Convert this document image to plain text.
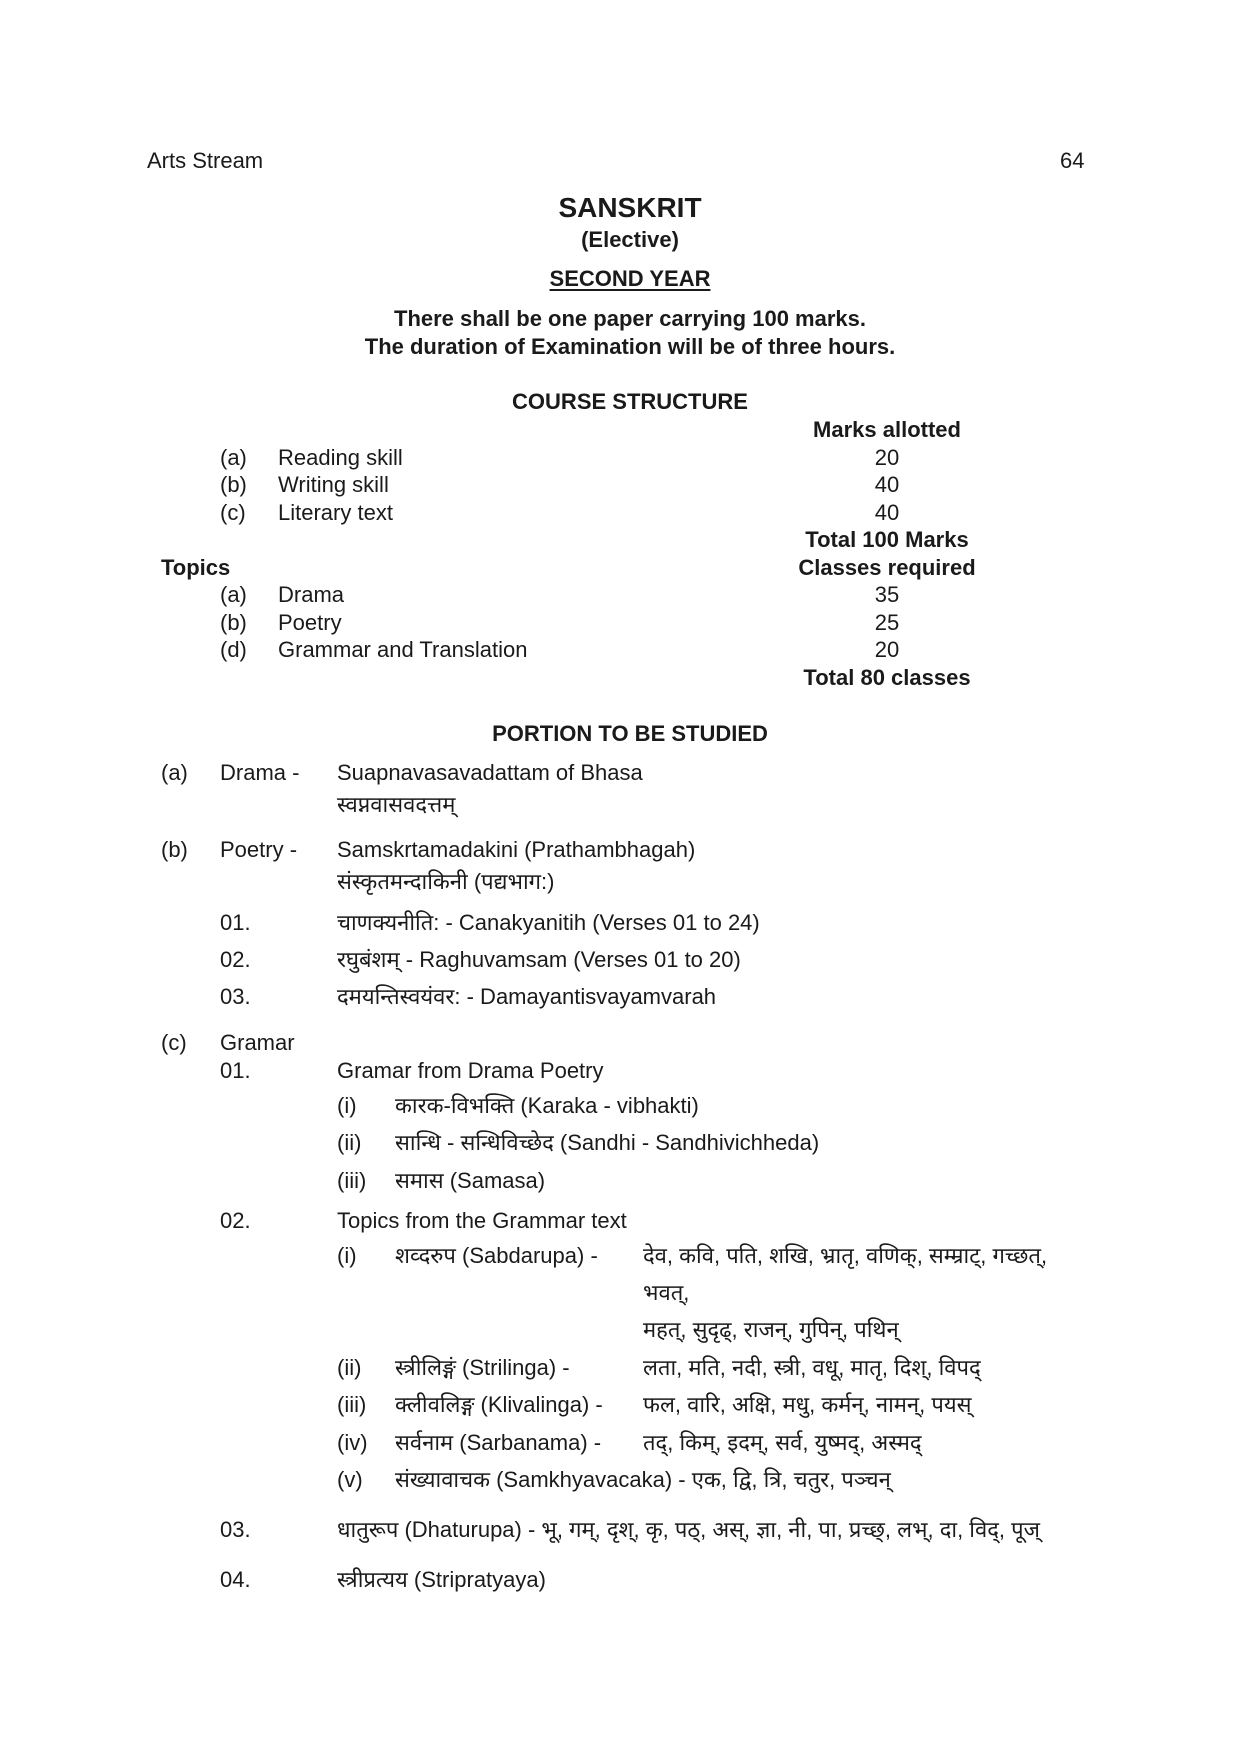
Arts Stream	64
SANSKRIT
(Elective)
SECOND YEAR
There shall be one paper carrying 100 marks.
The duration of Examination will be of three hours.
COURSE STRUCTURE
Marks allotted
(a) Reading skill	20
(b) Writing skill	40
(c) Literary text	40
Total 100 Marks
Topics	Classes required
(a) Drama	35
(b) Poetry	25
(d) Grammar and Translation	20
Total 80 classes
PORTION TO BE STUDIED
(a) Drama - Suapnavasavadattam of Bhasa
स्वप्नवासवदत्तम्
(b) Poetry - Samskrtamadakini (Prathambhagah)
संस्कृतमन्दाकिनी (पद्यभाग:)
01.	चाणक्यनीति: - Canakyanitih (Verses 01 to 24)
02.	रघुबंशम् - Raghuvamsam (Verses 01 to 20)
03.	दमयन्तिस्वयंवर: - Damayantisvayamvarah
(c) Gramar
01.	Gramar from Drama Poetry
(i) कारक-विभक्ति (Karaka - vibhakti)
(ii) सान्धि - सन्धिविच्छेद (Sandhi - Sandhivichheda)
(iii) समास (Samasa)
02.	Topics from the Grammar text
(i) शव्दरुप (Sabdarupa) - देव, कवि, पति, शखि, भ्रातृ, वणिक्, सम्म्राट्, गच्छत्,
भवत्,
महत्, सुदृढ्, राजन्, गुपिन्, पथिन्
(ii) स्त्रीलिङ्गं (Strilinga) -	लता, मति, नदी, स्त्री, वधू, मातृ, दिश्, विपद्
(iii) क्लीवलिङ्ग (Klivalinga) - फल, वारि, अक्षि, मधु, कर्मन्, नामन्, पयस्
(iv) सर्वनाम (Sarbanama) - तद्, किम्, इदम्, सर्व, युष्मद्, अस्मद्
(v) संख्यावाचक (Samkhyavacaka) - एक, द्वि, त्रि, चतुर, पञ्चन्
03.	धातुरूप (Dhaturupa) - भू, गम्, दृश्, कृ, पठ्, अस्, ज्ञा, नी, पा, प्रच्छ्, लभ्, दा, विद्, पूज्
04.	स्त्रीप्रत्यय (Stripratyaya)
